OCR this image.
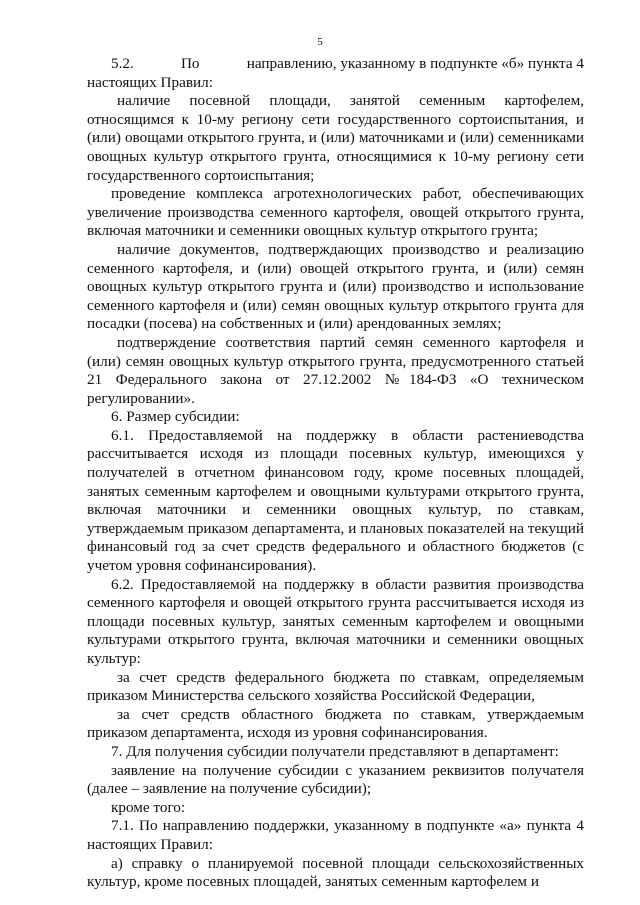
5

5.2.	По	направлению, указанному в подпункте «б» пункта 4

настоящих Правил:

наличие посевной площади, занятой семенным картофелем, относящимся к 10-му региону сети государственного сортоиспытания, и (или) овощами открытого грунта, и (или) маточниками и (или) семенниками овощных культур открытого грунта, относящимися к 10-му региону сети государственного сортоиспытания;

проведение комплекса агротехнологических работ, обеспечивающих увеличение производства семенного картофеля, овощей открытого грунта, включая маточники и семенники овощных культур открытого грунта;

наличие документов, подтверждающих производство и реализацию семенного картофеля, и (или) овощей открытого грунта, и (или) семян овощных культур открытого грунта и (или) производство и использование семенного картофеля и (или) семян овощных культур открытого грунта для посадки (посева) на собственных и (или) арендованных землях;

подтверждение соответствия партий семян семенного картофеля и (или) семян овощных культур открытого грунта, предусмотренного статьей 21 Федерального закона от 27.12.2002 №184-ФЗ «О техническом регулировании».

6. Размер субсидии:

6.1. Предоставляемой на поддержку в области растениеводства рассчитывается исходя из площади посевных культур, имеющихся у получателей в отчетном финансовом году, кроме посевных площадей, занятых семенным картофелем и овощными культурами открытого грунта, включая маточники и семенники овощных культур, по ставкам, утверждаемым приказом департамента, и плановых показателей на текущий финансовый год за счет средств федерального и областного бюджетов (с учетом уровня софинансирования).

6.2. Предоставляемой на поддержку в области развития производства семенного картофеля и овощей открытого грунта рассчитывается исходя из площади посевных культур, занятых семенным картофелем и овощными культурами открытого грунта, включая маточники и семенники овощных культур:

за счет средств федерального бюджета по ставкам, определяемым приказом Министерства сельского хозяйства Российской Федерации,

за счет средств областного бюджета по ставкам, утверждаемым приказом департамента, исходя из уровня софинансирования.

7. Для получения субсидии получатели представляют в департамент:

заявление на получение субсидии с указанием реквизитов получателя (далее – заявление на получение субсидии);

кроме того:

7.1. По направлению поддержки, указанному в подпункте «а» пункта 4 настоящих Правил:

а) справку о планируемой посевной площади сельскохозяйственных культур, кроме посевных площадей, занятых семенным картофелем и
